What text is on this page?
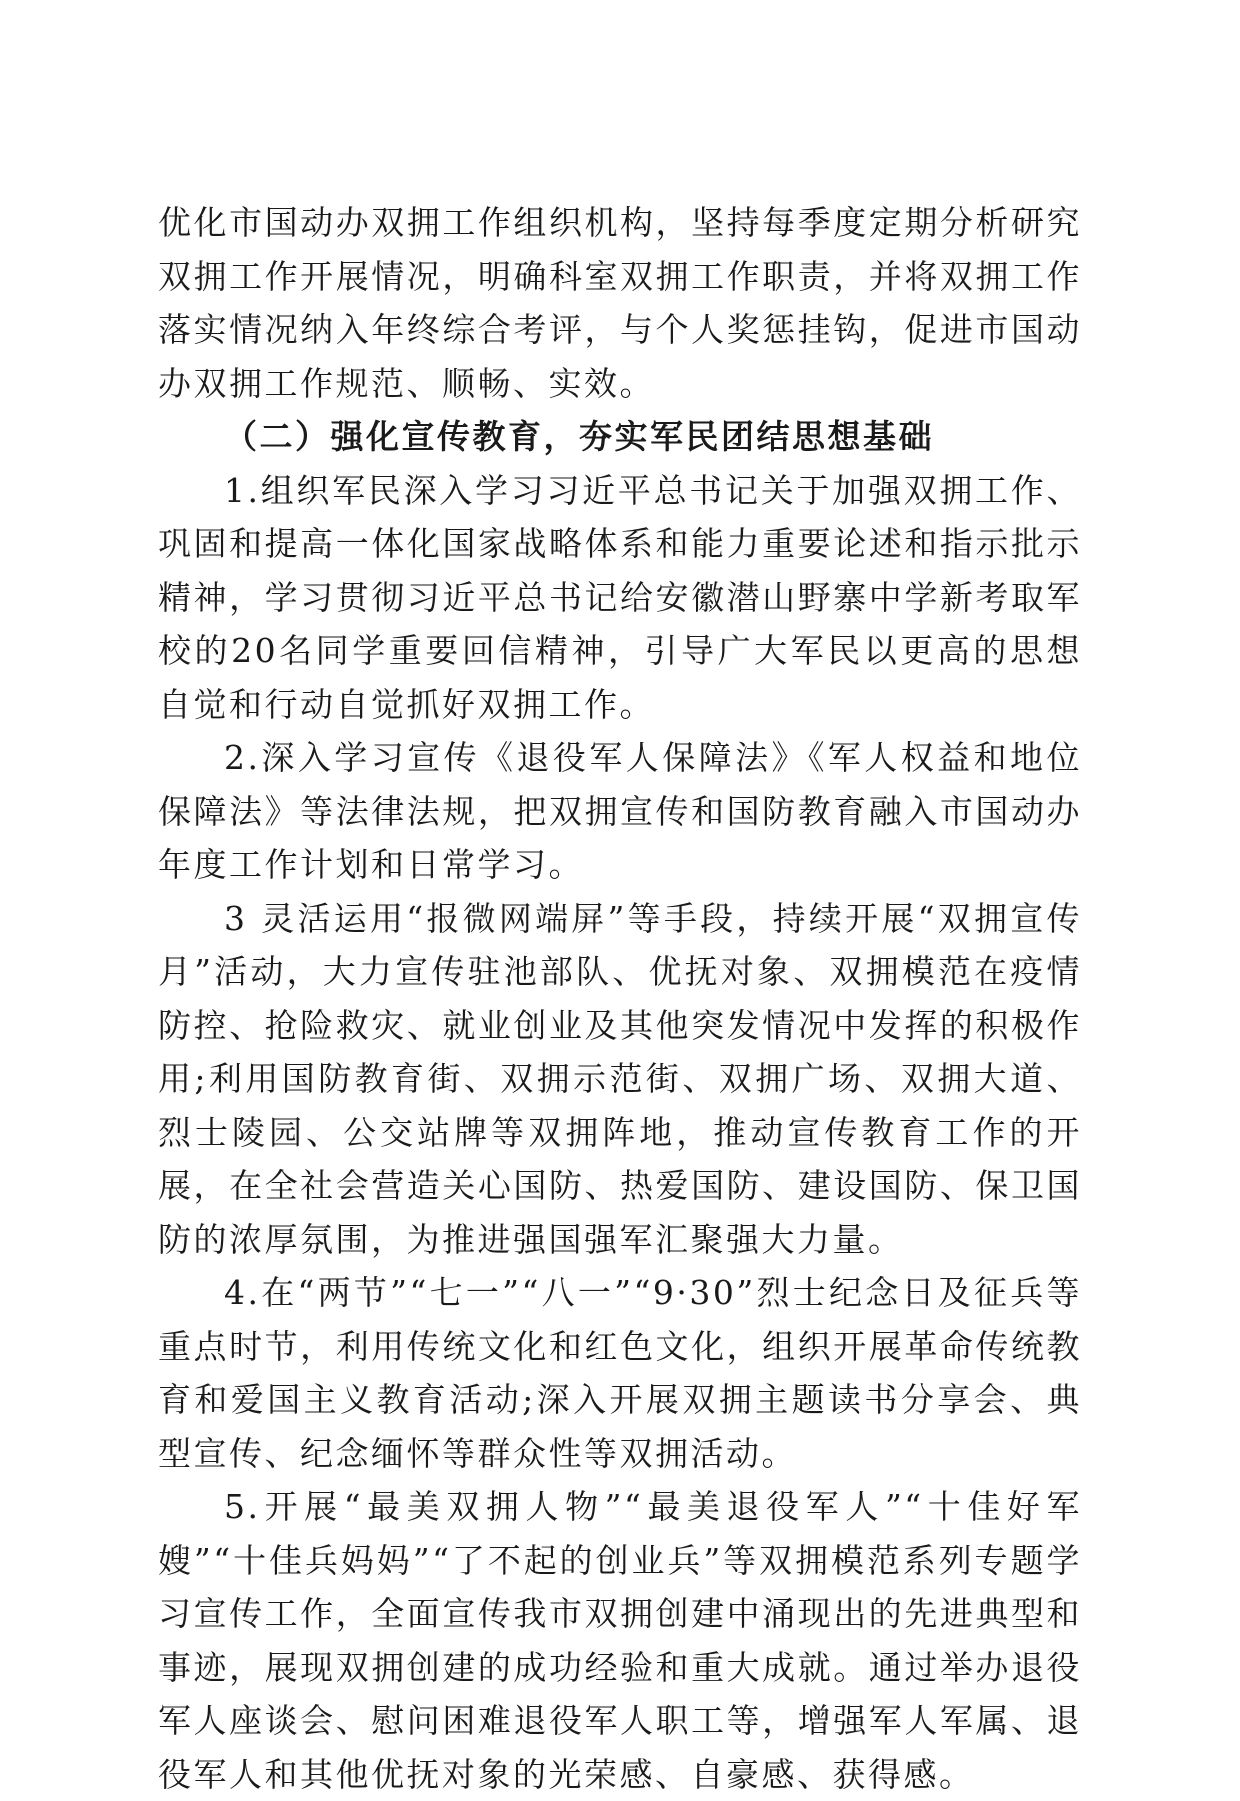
优化市国动办双拥工作组织机构，坚持每季度定期分析研究双拥工作开展情况，明确科室双拥工作职责，并将双拥工作落实情况纳入年终综合考评，与个人奖惩挂钩，促进市国动办双拥工作规范、顺畅、实效。

（二）强化宣传教育，夯实军民团结思想基础

1.组织军民深入学习习近平总书记关于加强双拥工作、巩固和提高一体化国家战略体系和能力重要论述和指示批示精神，学习贯彻习近平总书记给安徽潜山野寨中学新考取军校的20名同学重要回信精神，引导广大军民以更高的思想自觉和行动自觉抓好双拥工作。

2.深入学习宣传《退役军人保障法》《军人权益和地位保障法》等法律法规，把双拥宣传和国防教育融入市国动办年度工作计划和日常学习。

3 灵活运用“报微网端屏”等手段，持续开展“双拥宣传月”活动，大力宣传驻池部队、优抚对象、双拥模范在疫情防控、抢险救灾、就业创业及其他突发情况中发挥的积极作用;利用国防教育街、双拥示范街、双拥广场、双拥大道、烈士陵园、公交站牌等双拥阵地，推动宣传教育工作的开展，在全社会营造关心国防、热爱国防、建设国防、保卫国防的浓厚氛围，为推进强国强军汇聚强大力量。

4.在“两节”“七一”“八一”“9·30”烈士纪念日及征兵等重点时节，利用传统文化和红色文化，组织开展革命传统教育和爱国主义教育活动;深入开展双拥主题读书分享会、典型宣传、纪念缅怀等群众性等双拥活动。

5.开展“最美双拥人物”“最美退役军人”“十佳好军嫂”“十佳兵妈妈”“了不起的创业兵”等双拥模范系列专题学习宣传工作，全面宣传我市双拥创建中涌现出的先进典型和事迹，展现双拥创建的成功经验和重大成就。通过举办退役军人座谈会、慰问困难退役军人职工等，增强军人军属、退役军人和其他优抚对象的光荣感、自豪感、获得感。
